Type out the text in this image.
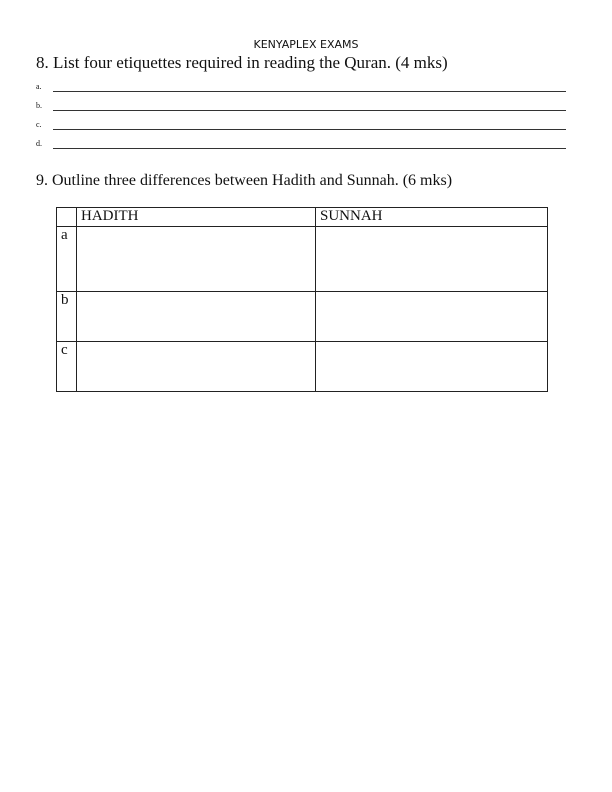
KENYAPLEX EXAMS
8. List four etiquettes required in reading the Quran. (4 mks)
a.
b.
c.
d.
9. Outline three differences between Hadith and Sunnah. (6 mks)
	HADITH	SUNNAH
a		
b		
c		
